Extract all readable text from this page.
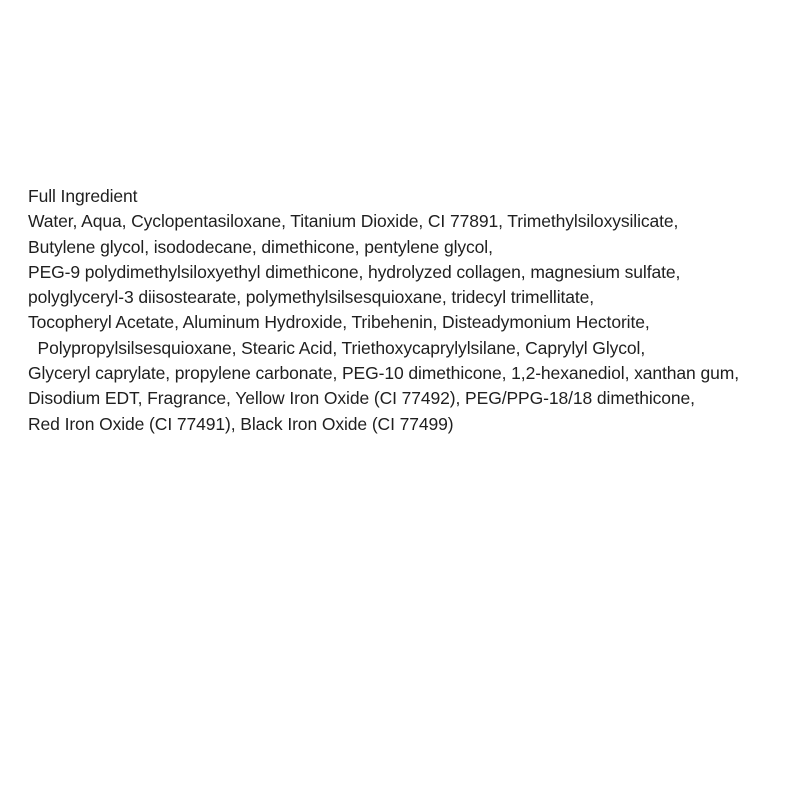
Full Ingredient
Water, Aqua, Cyclopentasiloxane, Titanium Dioxide, CI 77891, Trimethylsiloxysilicate,
Butylene glycol, isododecane, dimethicone, pentylene glycol,
PEG-9 polydimethylsiloxyethyl dimethicone, hydrolyzed collagen, magnesium sulfate,
polyglyceryl-3 diisostearate, polymethylsilsesquioxane, tridecyl trimellitate,
Tocopheryl Acetate, Aluminum Hydroxide, Tribehenin, Disteadymonium Hectorite,
Polypropylsilsesquioxane, Stearic Acid, Triethoxycaprylylsilane, Caprylyl Glycol,
Glyceryl caprylate, propylene carbonate, PEG-10 dimethicone, 1,2-hexanediol, xanthan gum,
Disodium EDT, Fragrance, Yellow Iron Oxide (CI 77492), PEG/PPG-18/18 dimethicone,
Red Iron Oxide (CI 77491), Black Iron Oxide (CI 77499)
